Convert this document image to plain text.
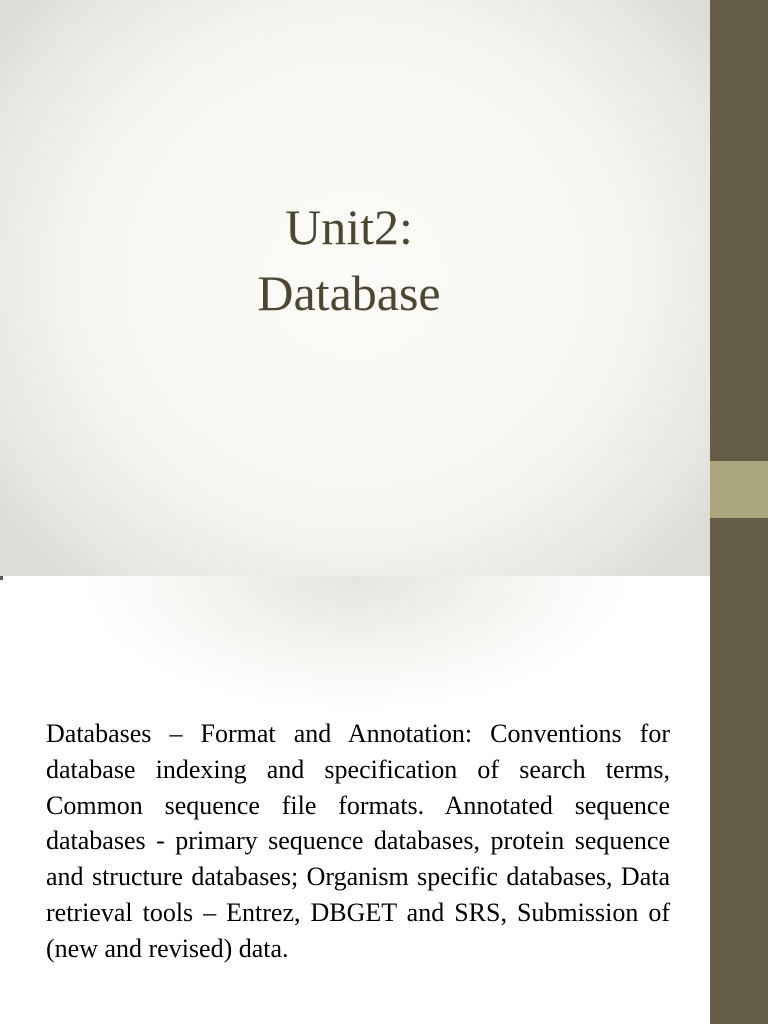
Unit2:
Database

Databases – Format and Annotation: Conventions for database indexing and specification of search terms, Common sequence file formats. Annotated sequence databases - primary sequence databases, protein sequence and structure databases; Organism specific databases, Data retrieval tools – Entrez, DBGET and SRS, Submission of (new and revised) data.
